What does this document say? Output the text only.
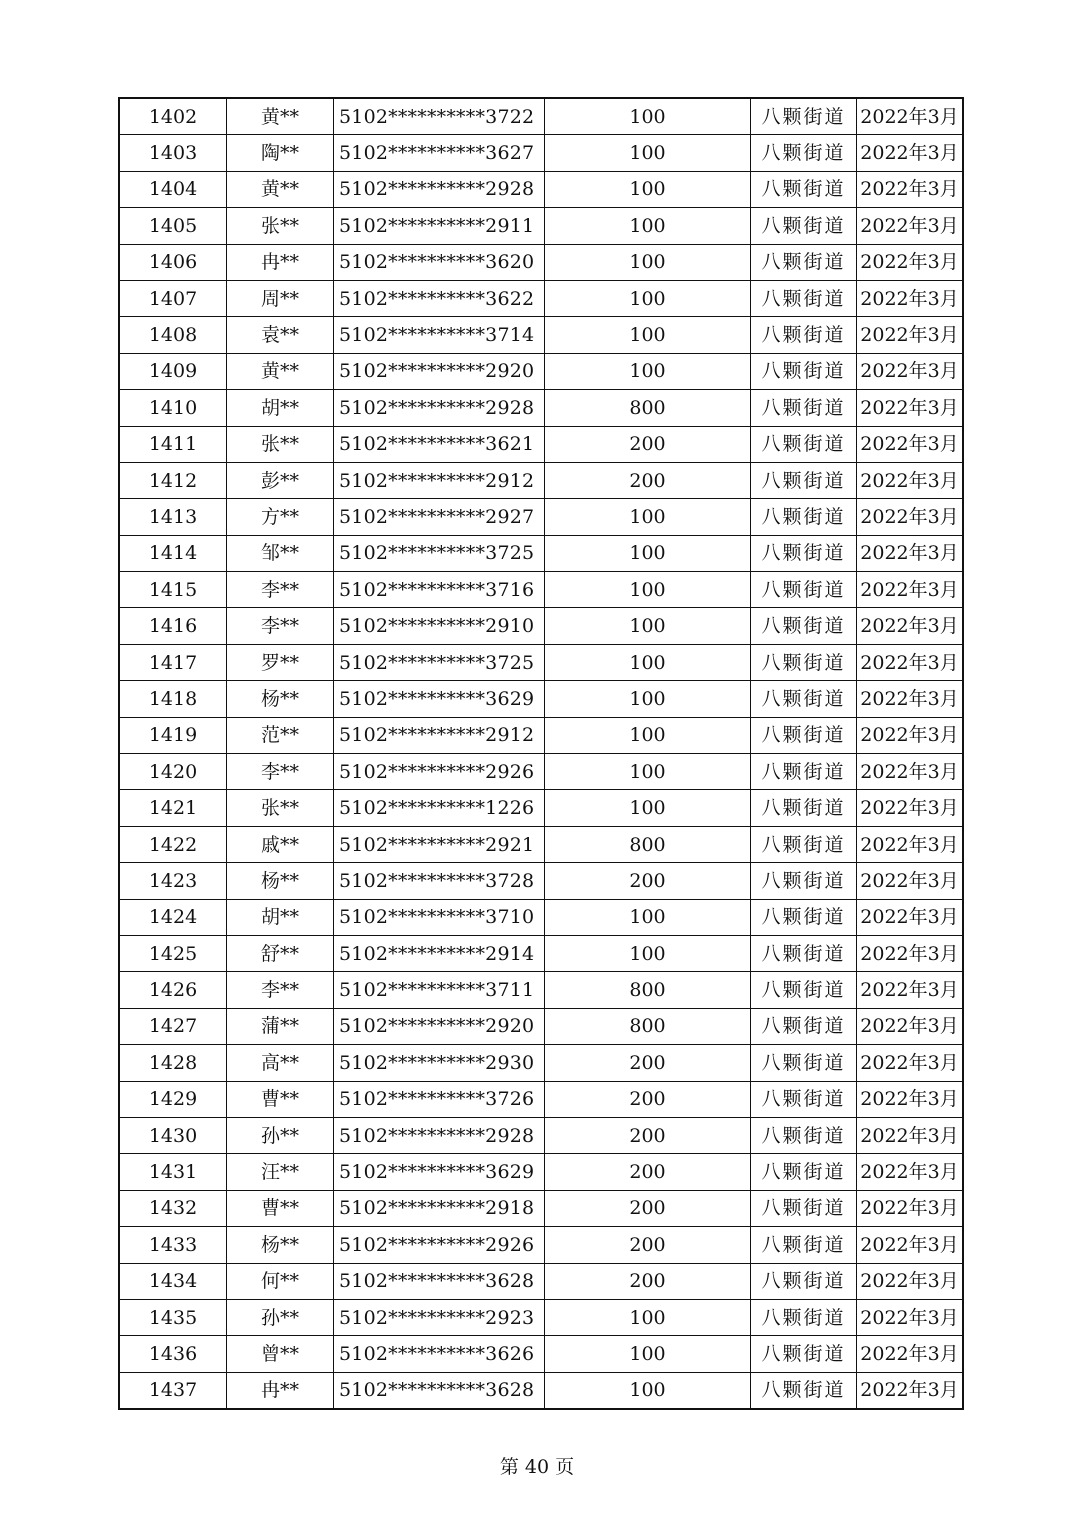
1402	黄**	5102**********3722	100	八颗街道	2022年3月
1403	陶**	5102**********3627	100	八颗街道	2022年3月
1404	黄**	5102**********2928	100	八颗街道	2022年3月
1405	张**	5102**********2911	100	八颗街道	2022年3月
1406	冉**	5102**********3620	100	八颗街道	2022年3月
1407	周**	5102**********3622	100	八颗街道	2022年3月
1408	袁**	5102**********3714	100	八颗街道	2022年3月
1409	黄**	5102**********2920	100	八颗街道	2022年3月
1410	胡**	5102**********2928	800	八颗街道	2022年3月
1411	张**	5102**********3621	200	八颗街道	2022年3月
1412	彭**	5102**********2912	200	八颗街道	2022年3月
1413	方**	5102**********2927	100	八颗街道	2022年3月
1414	邹**	5102**********3725	100	八颗街道	2022年3月
1415	李**	5102**********3716	100	八颗街道	2022年3月
1416	李**	5102**********2910	100	八颗街道	2022年3月
1417	罗**	5102**********3725	100	八颗街道	2022年3月
1418	杨**	5102**********3629	100	八颗街道	2022年3月
1419	范**	5102**********2912	100	八颗街道	2022年3月
1420	李**	5102**********2926	100	八颗街道	2022年3月
1421	张**	5102**********1226	100	八颗街道	2022年3月
1422	戚**	5102**********2921	800	八颗街道	2022年3月
1423	杨**	5102**********3728	200	八颗街道	2022年3月
1424	胡**	5102**********3710	100	八颗街道	2022年3月
1425	舒**	5102**********2914	100	八颗街道	2022年3月
1426	李**	5102**********3711	800	八颗街道	2022年3月
1427	蒲**	5102**********2920	800	八颗街道	2022年3月
1428	高**	5102**********2930	200	八颗街道	2022年3月
1429	曹**	5102**********3726	200	八颗街道	2022年3月
1430	孙**	5102**********2928	200	八颗街道	2022年3月
1431	汪**	5102**********3629	200	八颗街道	2022年3月
1432	曹**	5102**********2918	200	八颗街道	2022年3月
1433	杨**	5102**********2926	200	八颗街道	2022年3月
1434	何**	5102**********3628	200	八颗街道	2022年3月
1435	孙**	5102**********2923	100	八颗街道	2022年3月
1436	曾**	5102**********3626	100	八颗街道	2022年3月
1437	冉**	5102**********3628	100	八颗街道	2022年3月
第 40 页
